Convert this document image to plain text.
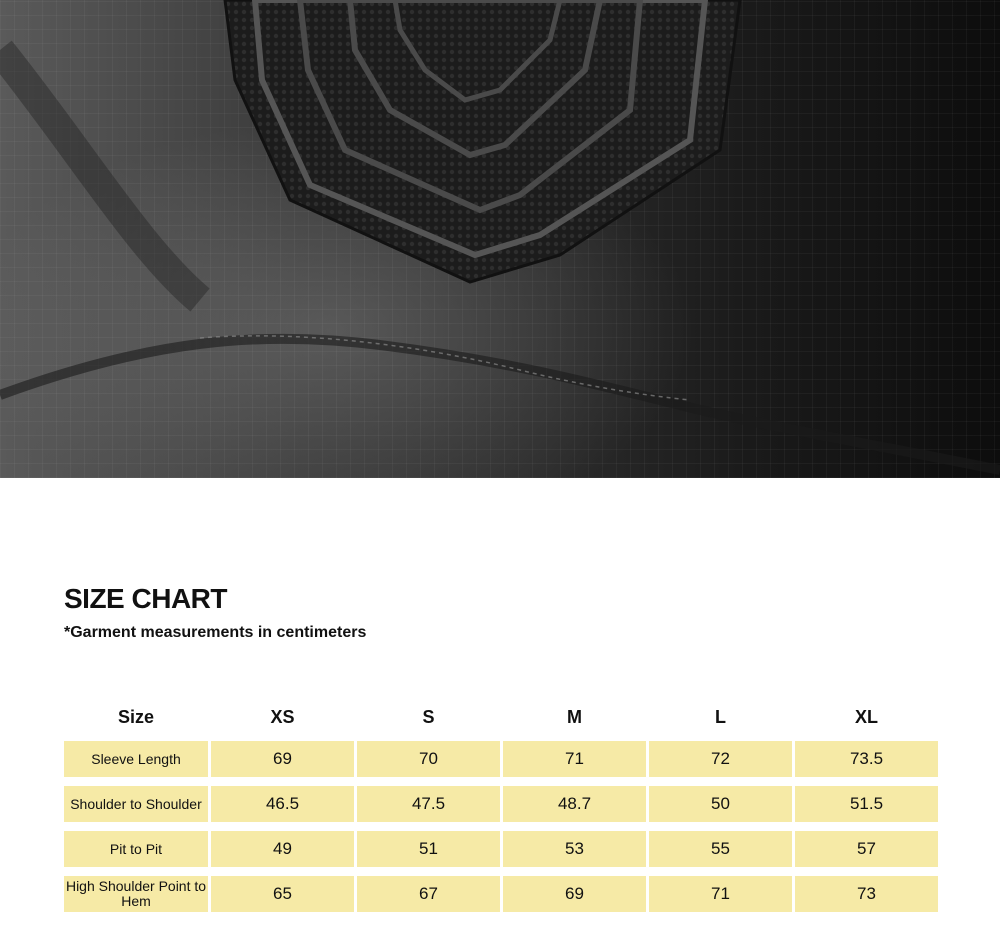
SIZE CHART

*Garment measurements in centimeters

Size	XS	S	M	L	XL
Sleeve Length	69	70	71	72	73.5
Shoulder to Shoulder	46.5	47.5	48.7	50	51.5
Pit to Pit	49	51	53	55	57
High Shoulder Point to Hem	65	67	69	71	73
